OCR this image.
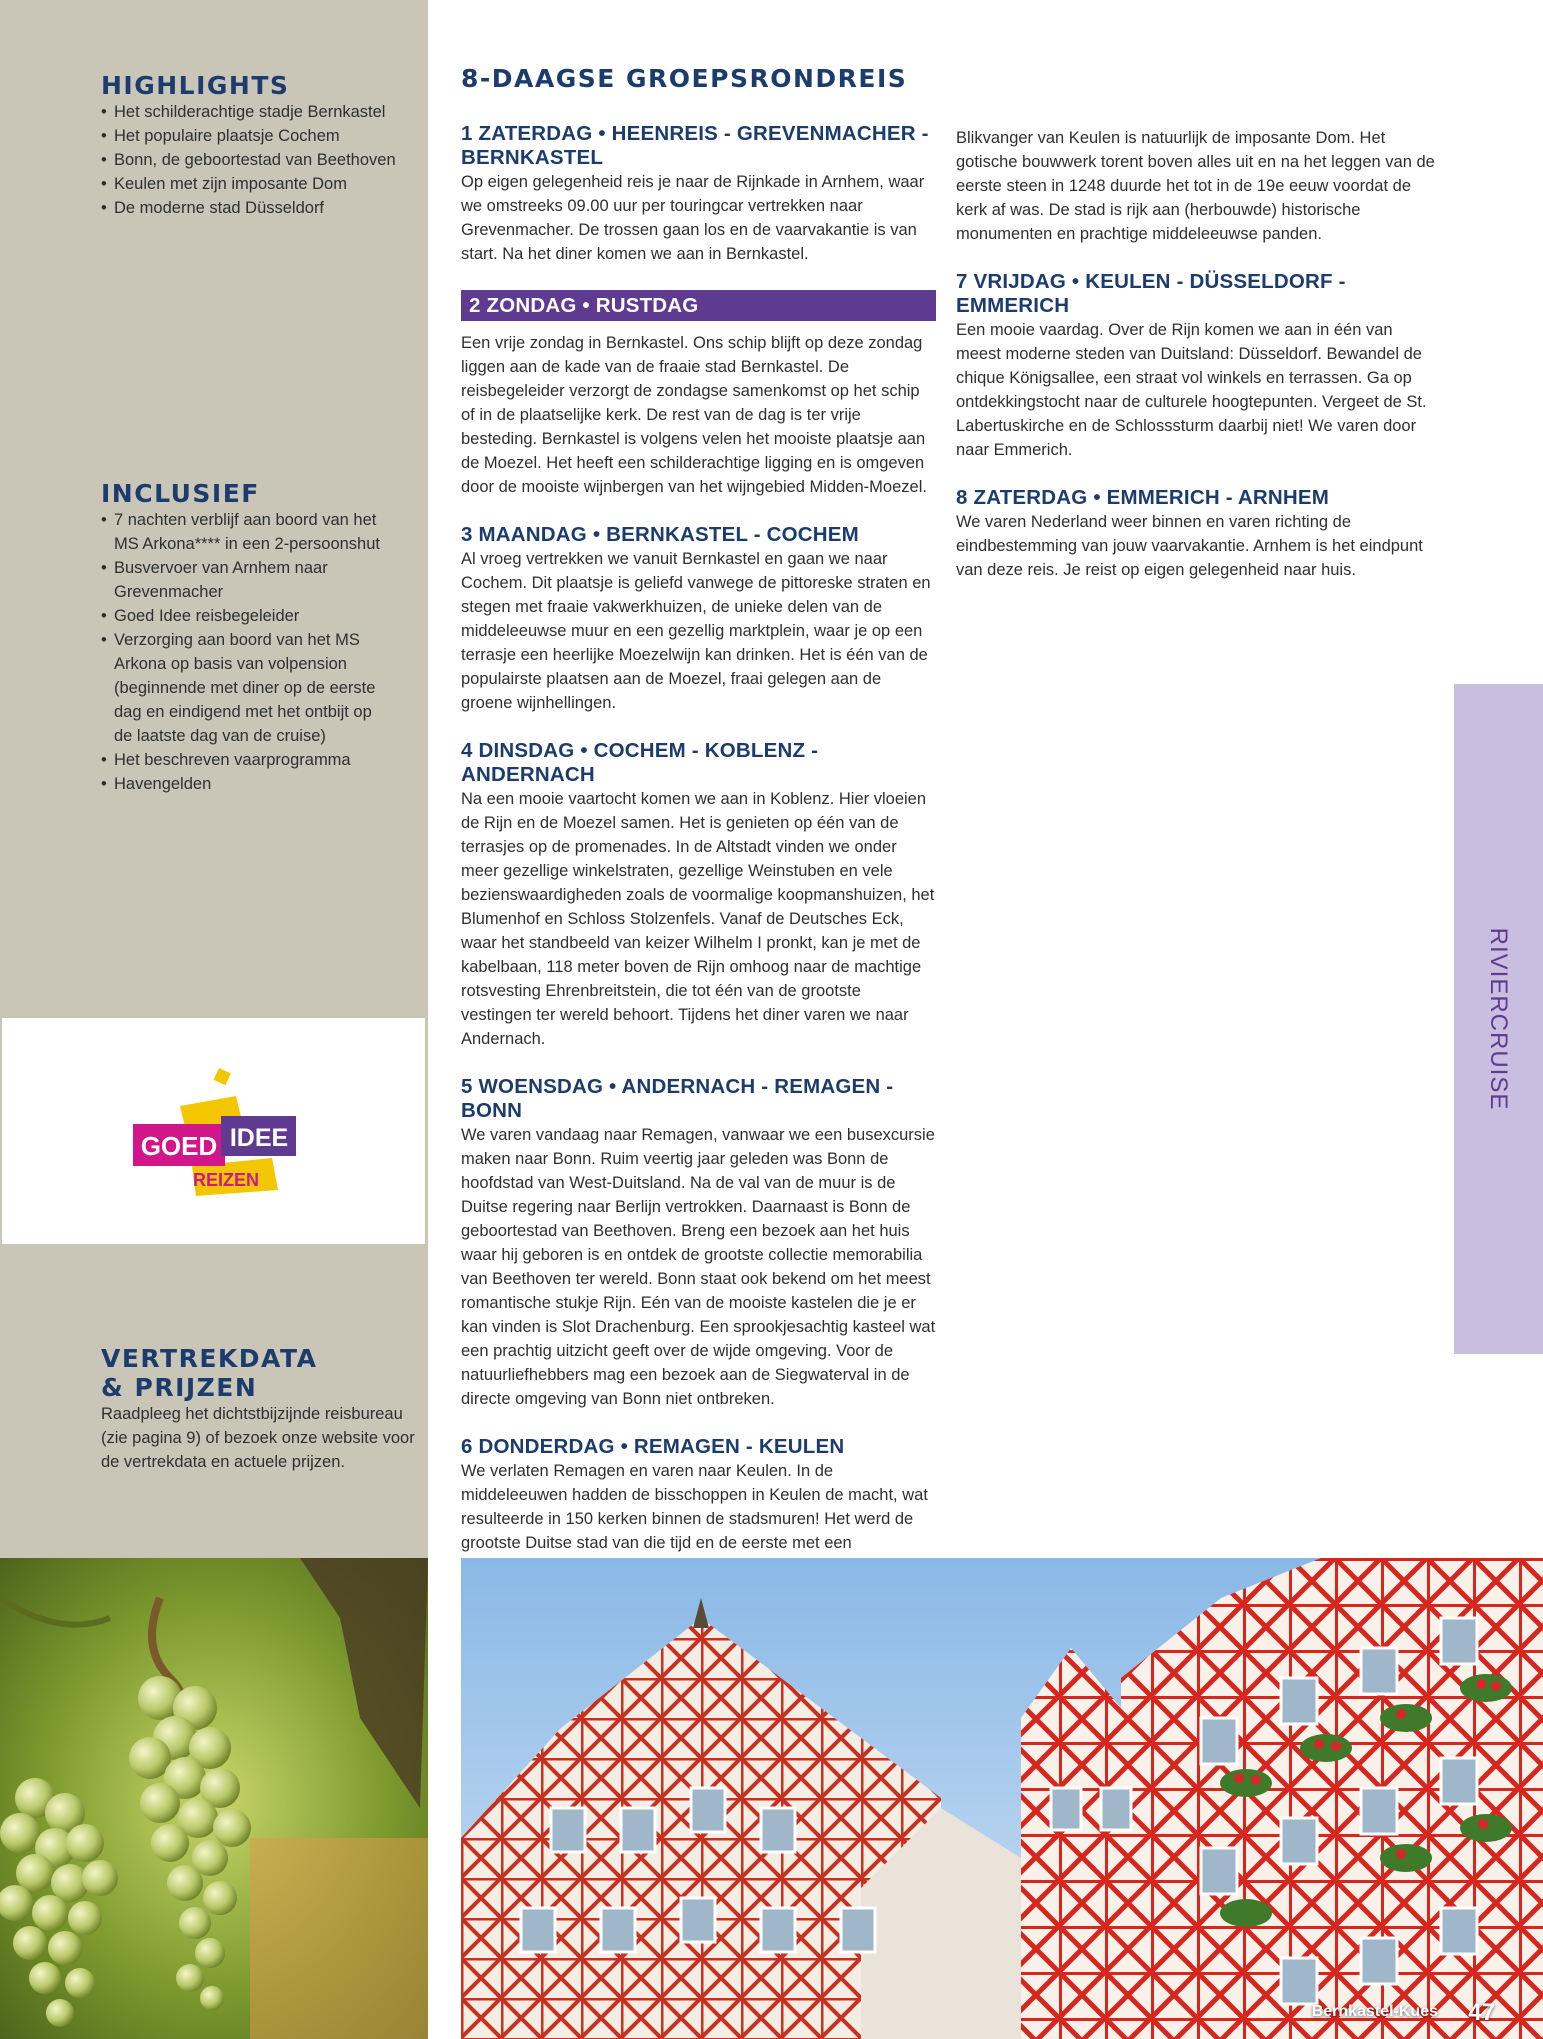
HIGHLIGHTS
• Het schilderachtige stadje Bernkastel
• Het populaire plaatsje Cochem
• Bonn, de geboortestad van Beethoven
• Keulen met zijn imposante Dom
• De moderne stad Düsseldorf
INCLUSIEF
• 7 nachten verblijf aan boord van het MS Arkona**** in een 2-persoonshut
• Busvervoer van Arnhem naar Grevenmacher
• Goed Idee reisbegeleider
• Verzorging aan boord van het MS Arkona op basis van volpension (beginnende met diner op de eerste dag en eindigend met het ontbijt op de laatste dag van de cruise)
• Het beschreven vaarprogramma
• Havengelden
GOED IDEE
REIZEN
VERTREKDATA & PRIJZEN

Raadpleeg het dichtstbijzijnde reisbureau (zie pagina 9) of bezoek onze website voor de vertrekdata en actuele prijzen.

8-DAAGSE GROEPSRONDREIS
1 ZATERDAG • HEENREIS - GREVENMACHER - BERNKASTEL

Op eigen gelegenheid reis je naar de Rijnkade in Arnhem, waar we omstreeks 09.00 uur per touringcar vertrekken naar Grevenmacher. De trossen gaan los en de vaarvakantie is van start. Na het diner komen we aan in Bernkastel.

2 ZONDAG • RUSTDAG

Een vrije zondag in Bernkastel. Ons schip blijft op deze zondag liggen aan de kade van de fraaie stad Bernkastel. De reisbegeleider verzorgt de zondagse samenkomst op het schip of in de plaatselijke kerk. De rest van de dag is ter vrije besteding. Bernkastel is volgens velen het mooiste plaatsje aan de Moezel. Het heeft een schilderachtige ligging en is omgeven door de mooiste wijnbergen van het wijngebied Midden-Moezel.

3 MAANDAG • BERNKASTEL - COCHEM

Al vroeg vertrekken we vanuit Bernkastel en gaan we naar Cochem. Dit plaatsje is geliefd vanwege de pittoreske straten en stegen met fraaie vakwerkhuizen, de unieke delen van de middeleeuwse muur en een gezellig marktplein, waar je op een terrasje een heerlijke Moezelwijn kan drinken. Het is één van de populairste plaatsen aan de Moezel, fraai gelegen aan de groene wijnhellingen.

4 DINSDAG • COCHEM - KOBLENZ - ANDERNACH

Na een mooie vaartocht komen we aan in Koblenz. Hier vloeien de Rijn en de Moezel samen. Het is genieten op één van de terrasjes op de promenades. In de Altstadt vinden we onder meer gezellige winkelstraten, gezellige Weinstuben en vele bezienswaardigheden zoals de voormalige koopmanshuizen, het Blumenhof en Schloss Stolzenfels. Vanaf de Deutsches Eck, waar het standbeeld van keizer Wilhelm I pronkt, kan je met de kabelbaan, 118 meter boven de Rijn omhoog naar de machtige rotsvesting Ehrenbreitstein, die tot één van de grootste vestingen ter wereld behoort. Tijdens het diner varen we naar Andernach.

5 WOENSDAG • ANDERNACH - REMAGEN - BONN

We varen vandaag naar Remagen, vanwaar we een busexcursie maken naar Bonn. Ruim veertig jaar geleden was Bonn de hoofdstad van West-Duitsland. Na de val van de muur is de Duitse regering naar Berlijn vertrokken. Daarnaast is Bonn de geboortestad van Beethoven. Breng een bezoek aan het huis waar hij geboren is en ontdek de grootste collectie memorabilia van Beethoven ter wereld. Bonn staat ook bekend om het meest romantische stukje Rijn. Eén van de mooiste kastelen die je er kan vinden is Slot Drachenburg. Een sprookjesachtig kasteel wat een prachtig uitzicht geeft over de wijde omgeving. Voor de natuurliefhebbers mag een bezoek aan de Siegwaterval in de directe omgeving van Bonn niet ontbreken.

6 DONDERDAG • REMAGEN - KEULEN

We verlaten Remagen en varen naar Keulen. In de middeleeuwen hadden de bisschoppen in Keulen de macht, wat resulteerde in 150 kerken binnen de stadsmuren! Het werd de grootste Duitse stad van die tijd en de eerste met een

Blikvanger van Keulen is natuurlijk de imposante Dom. Het gotische bouwwerk torent boven alles uit en na het leggen van de eerste steen in 1248 duurde het tot in de 19e eeuw voordat de kerk af was. De stad is rijk aan (herbouwde) historische monumenten en prachtige middeleeuwse panden.

7 VRIJDAG • KEULEN - DÜSSELDORF - EMMERICH

Een mooie vaardag. Over de Rijn komen we aan in één van meest moderne steden van Duitsland: Düsseldorf. Bewandel de chique Königsallee, een straat vol winkels en terrassen. Ga op ontdekkingstocht naar de culturele hoogtepunten. Vergeet de St. Labertuskirche en de Schlosssturm daarbij niet! We varen door naar Emmerich.

8 ZATERDAG • EMMERICH - ARNHEM

We varen Nederland weer binnen en varen richting de eindbestemming van jouw vaarvakantie. Arnhem is het eindpunt van deze reis. Je reist op eigen gelegenheid naar huis.

RIVIERCRUISE
Bernkastel-Kues 47
